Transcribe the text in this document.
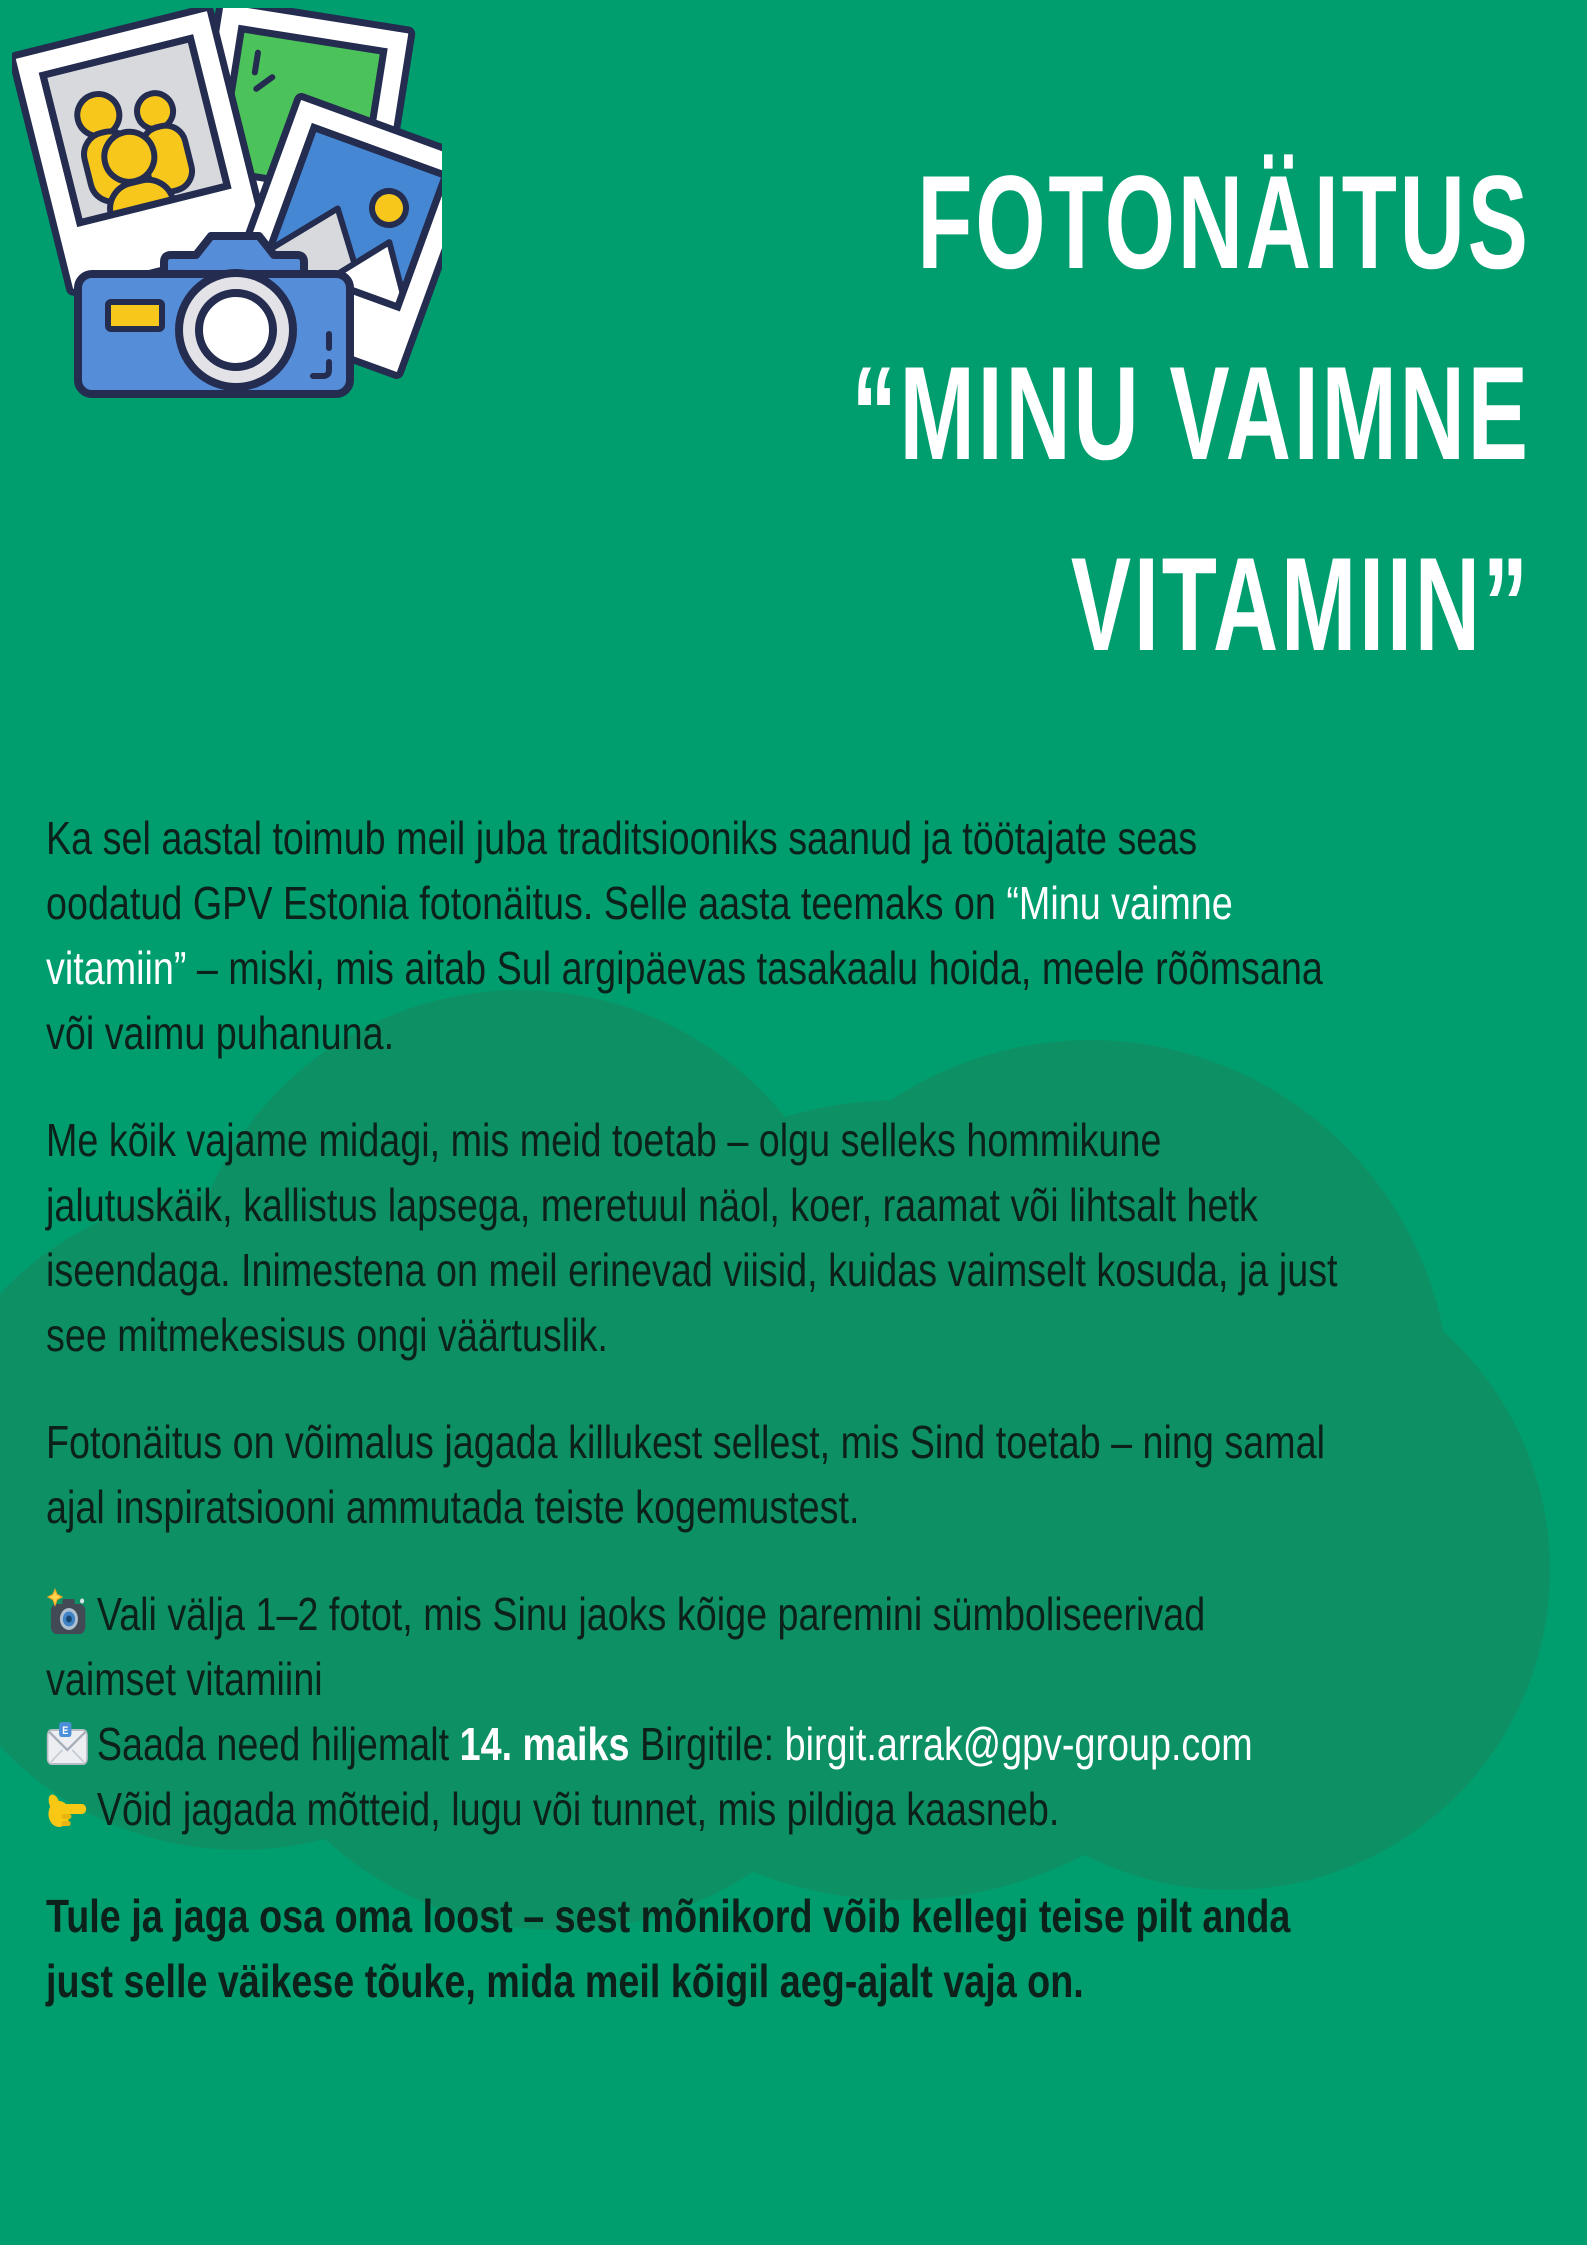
FOTONÄITUS
“MINU VAIMNE
VITAMIIN”
Ka sel aastal toimub meil juba traditsiooniks saanud ja töötajate seas
oodatud GPV Estonia fotonäitus. Selle aasta teemaks on “Minu vaimne
vitamiin” – miski, mis aitab Sul argipäevas tasakaalu hoida, meele rõõmsana
või vaimu puhanuna.
Me kõik vajame midagi, mis meid toetab – olgu selleks hommikune
jalutuskäik, kallistus lapsega, meretuul näol, koer, raamat või lihtsalt hetk
iseendaga. Inimestena on meil erinevad viisid, kuidas vaimselt kosuda, ja just
see mitmekesisus ongi väärtuslik.
Fotonäitus on võimalus jagada killukest sellest, mis Sind toetab – ning samal
ajal inspiratsiooni ammutada teiste kogemustest.
Vali välja 1–2 fotot, mis Sinu jaoks kõige paremini sümboliseerivad
vaimset vitamiini
E Saada need hiljemalt 14. maiks Birgitile: birgit.arrak@gpv-group.com
Võid jagada mõtteid, lugu või tunnet, mis pildiga kaasneb.
Tule ja jaga osa oma loost – sest mõnikord võib kellegi teise pilt anda
just selle väikese tõuke, mida meil kõigil aeg-ajalt vaja on.
